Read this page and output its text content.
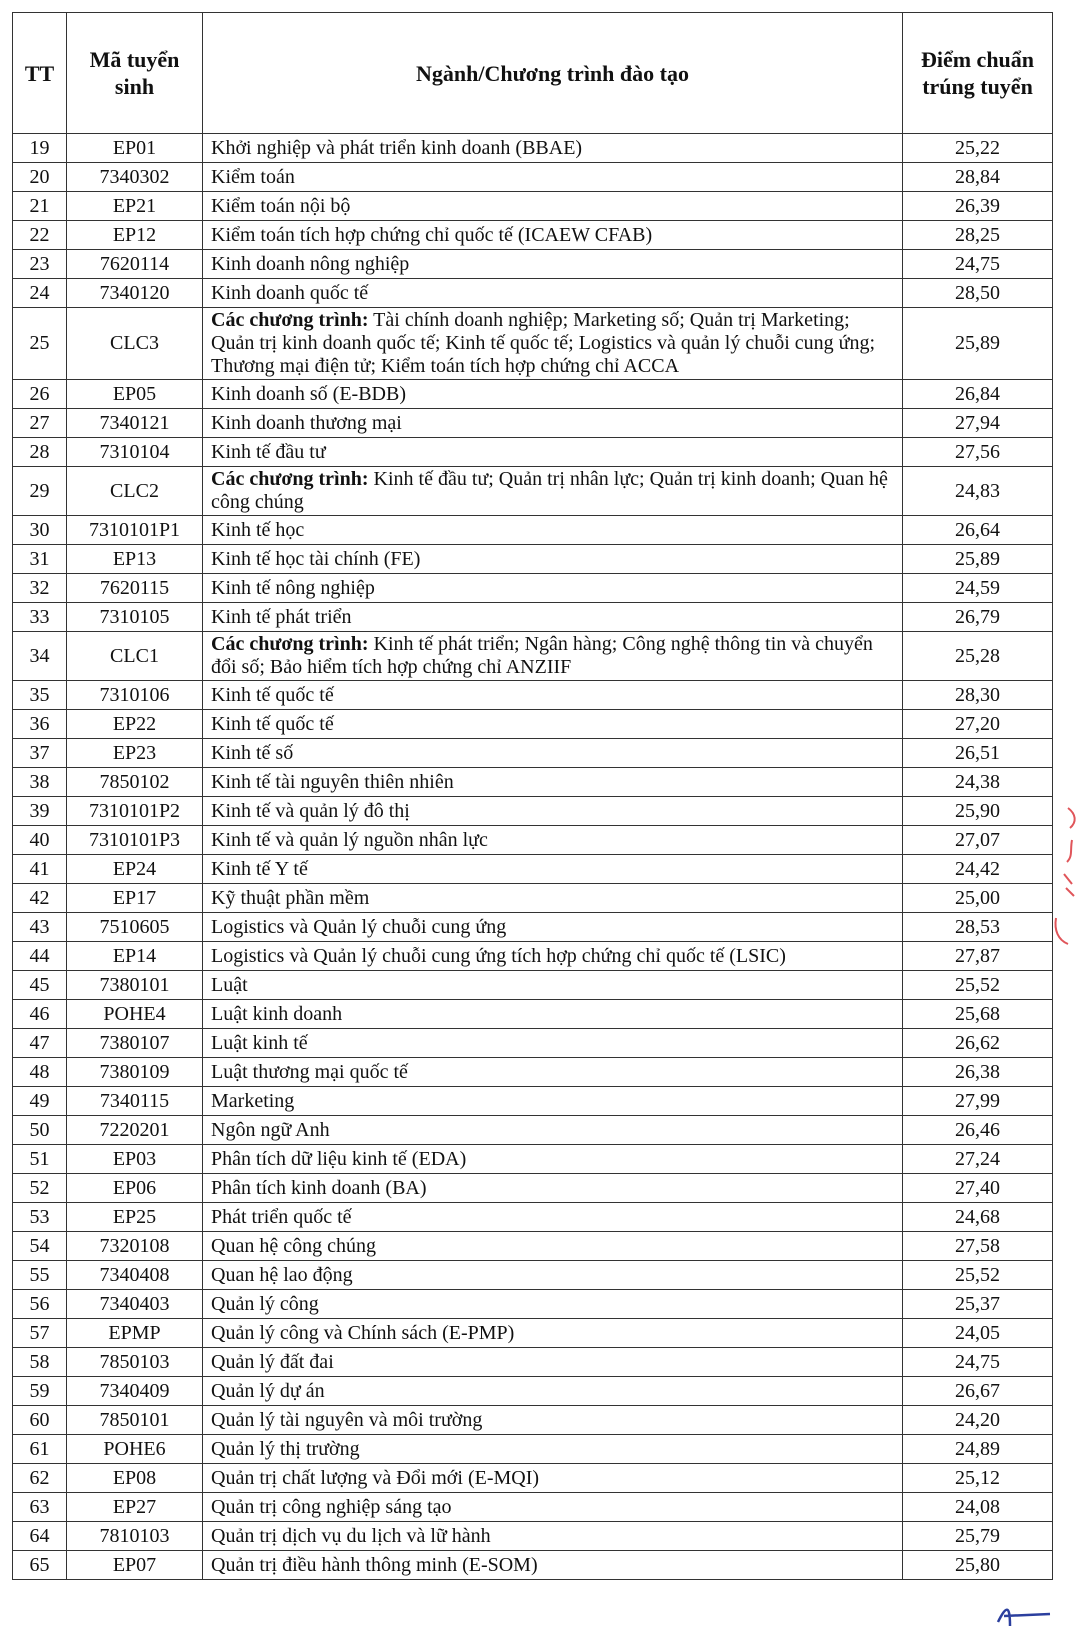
TT	Mã tuyển sinh	Ngành/Chương trình đào tạo	Điểm chuẩn trúng tuyển
19	EP01	Khởi nghiệp và phát triển kinh doanh (BBAE)	25,22
20	7340302	Kiểm toán	28,84
21	EP21	Kiểm toán nội bộ	26,39
22	EP12	Kiểm toán tích hợp chứng chỉ quốc tế (ICAEW CFAB)	28,25
23	7620114	Kinh doanh nông nghiệp	24,75
24	7340120	Kinh doanh quốc tế	28,50
25	CLC3	Các chương trình: Tài chính doanh nghiệp; Marketing số; Quản trị Marketing; Quản trị kinh doanh quốc tế; Kinh tế quốc tế; Logistics và quản lý chuỗi cung ứng; Thương mại điện tử; Kiểm toán tích hợp chứng chỉ ACCA	25,89
26	EP05	Kinh doanh số (E-BDB)	26,84
27	7340121	Kinh doanh thương mại	27,94
28	7310104	Kinh tế đầu tư	27,56
29	CLC2	Các chương trình: Kinh tế đầu tư; Quản trị nhân lực; Quản trị kinh doanh; Quan hệ công chúng	24,83
30	7310101P1	Kinh tế học	26,64
31	EP13	Kinh tế học tài chính (FE)	25,89
32	7620115	Kinh tế nông nghiệp	24,59
33	7310105	Kinh tế phát triển	26,79
34	CLC1	Các chương trình: Kinh tế phát triển; Ngân hàng; Công nghệ thông tin và chuyển đổi số; Bảo hiểm tích hợp chứng chỉ ANZIIF	25,28
35	7310106	Kinh tế quốc tế	28,30
36	EP22	Kinh tế quốc tế	27,20
37	EP23	Kinh tế số	26,51
38	7850102	Kinh tế tài nguyên thiên nhiên	24,38
39	7310101P2	Kinh tế và quản lý đô thị	25,90
40	7310101P3	Kinh tế và quản lý nguồn nhân lực	27,07
41	EP24	Kinh tế Y tế	24,42
42	EP17	Kỹ thuật phần mềm	25,00
43	7510605	Logistics và Quản lý chuỗi cung ứng	28,53
44	EP14	Logistics và Quản lý chuỗi cung ứng tích hợp chứng chỉ quốc tế (LSIC)	27,87
45	7380101	Luật	25,52
46	POHE4	Luật kinh doanh	25,68
47	7380107	Luật kinh tế	26,62
48	7380109	Luật thương mại quốc tế	26,38
49	7340115	Marketing	27,99
50	7220201	Ngôn ngữ Anh	26,46
51	EP03	Phân tích dữ liệu kinh tế (EDA)	27,24
52	EP06	Phân tích kinh doanh (BA)	27,40
53	EP25	Phát triển quốc tế	24,68
54	7320108	Quan hệ công chúng	27,58
55	7340408	Quan hệ lao động	25,52
56	7340403	Quản lý công	25,37
57	EPMP	Quản lý công và Chính sách (E-PMP)	24,05
58	7850103	Quản lý đất đai	24,75
59	7340409	Quản lý dự án	26,67
60	7850101	Quản lý tài nguyên và môi trường	24,20
61	POHE6	Quản lý thị trường	24,89
62	EP08	Quản trị chất lượng và Đổi mới (E-MQI)	25,12
63	EP27	Quản trị công nghiệp sáng tạo	24,08
64	7810103	Quản trị dịch vụ du lịch và lữ hành	25,79
65	EP07	Quản trị điều hành thông minh (E-SOM)	25,80
